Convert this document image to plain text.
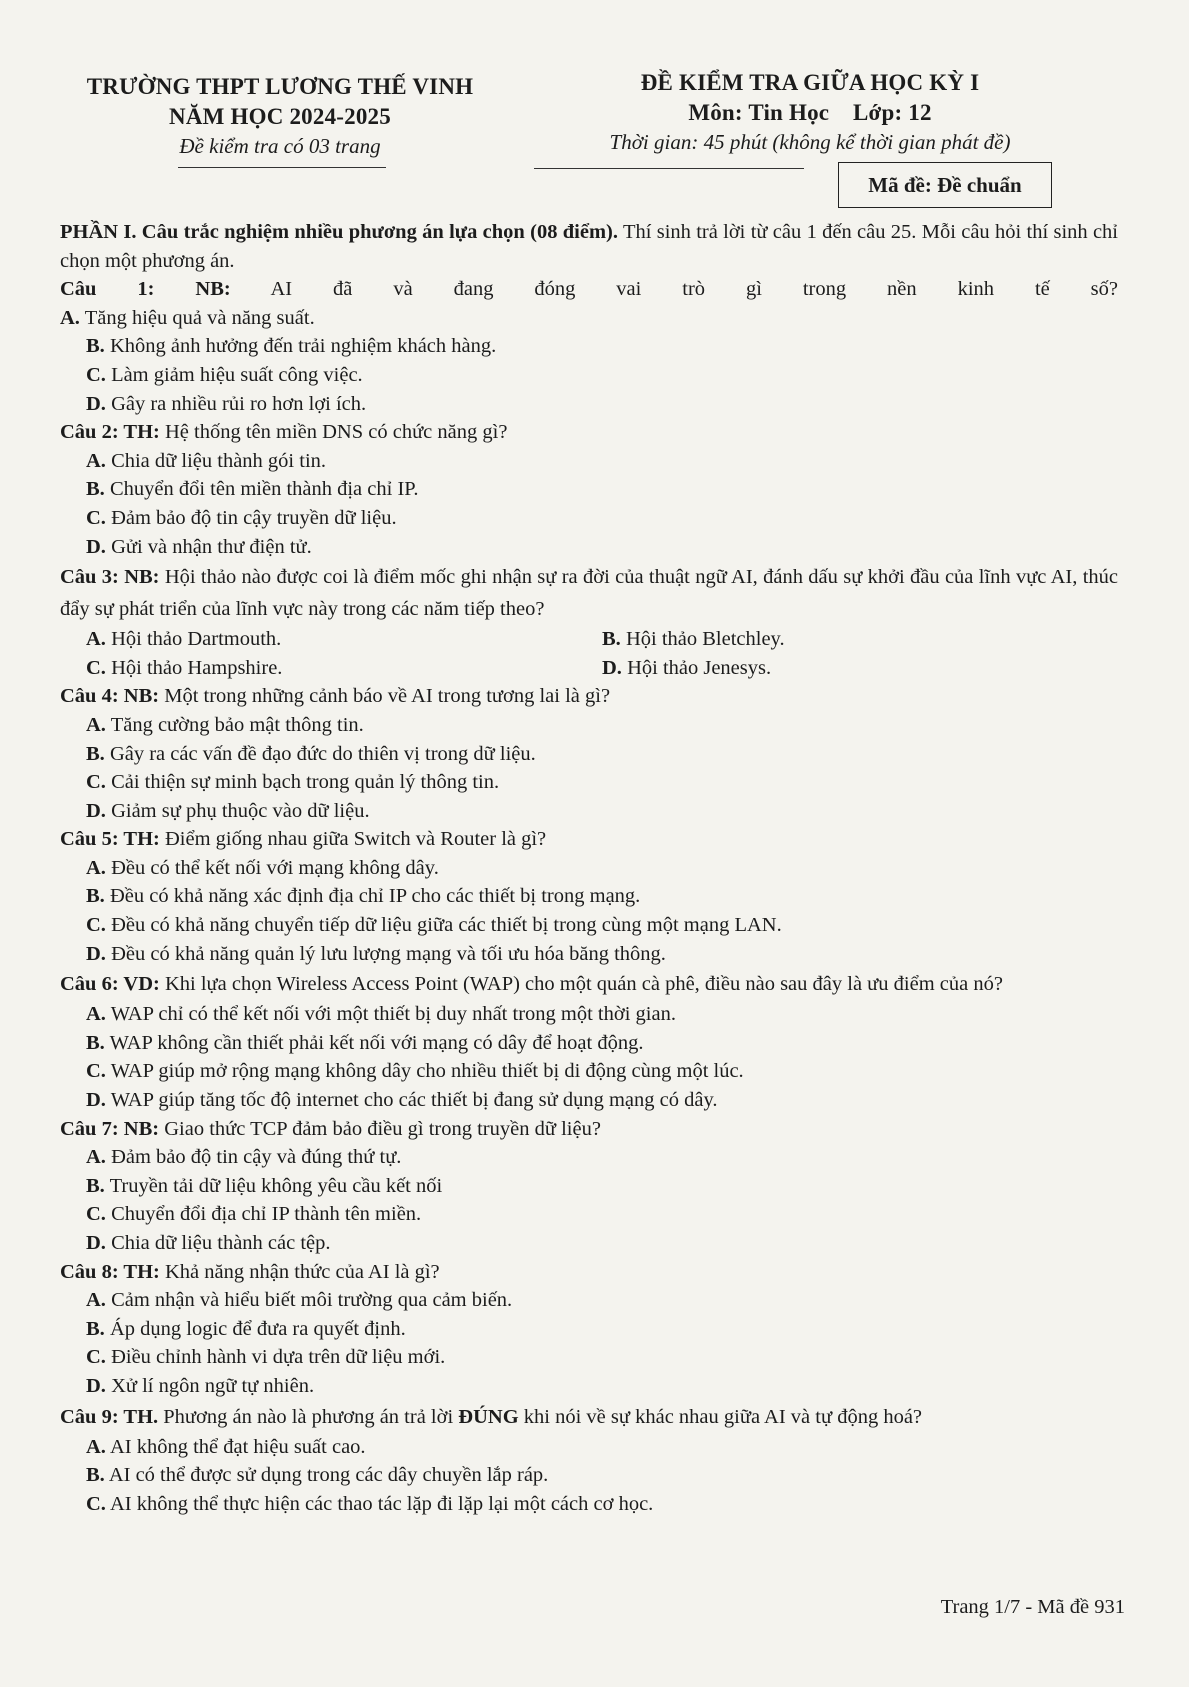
TRƯỜNG THPT LƯƠNG THẾ VINH
NĂM HỌC 2024-2025
Đề kiểm tra có 03 trang
ĐỀ KIỂM TRA GIỮA HỌC KỲ I
Môn: Tin Học    Lớp: 12
Thời gian: 45 phút (không kể thời gian phát đề)
Mã đề: Đề chuẩn
PHẦN I. Câu trắc nghiệm nhiều phương án lựa chọn (08 điểm). Thí sinh trả lời từ câu 1 đến câu 25. Mỗi câu hỏi thí sinh chỉ chọn một phương án.
Câu 1: NB: AI đã và đang đóng vai trò gì trong nền kinh tế số?
A. Tăng hiệu quả và năng suất.
B. Không ảnh hưởng đến trải nghiệm khách hàng.
C. Làm giảm hiệu suất công việc.
D. Gây ra nhiều rủi ro hơn lợi ích.
Câu 2: TH: Hệ thống tên miền DNS có chức năng gì?
A. Chia dữ liệu thành gói tin.
B. Chuyển đổi tên miền thành địa chỉ IP.
C. Đảm bảo độ tin cậy truyền dữ liệu.
D. Gửi và nhận thư điện tử.
Câu 3: NB: Hội thảo nào được coi là điểm mốc ghi nhận sự ra đời của thuật ngữ AI, đánh dấu sự khởi đầu của lĩnh vực AI, thúc đẩy sự phát triển của lĩnh vực này trong các năm tiếp theo?
A. Hội thảo Dartmouth.	B. Hội thảo Bletchley.
C. Hội thảo Hampshire.	D. Hội thảo Jenesys.
Câu 4: NB: Một trong những cảnh báo về AI trong tương lai là gì?
A. Tăng cường bảo mật thông tin.
B. Gây ra các vấn đề đạo đức do thiên vị trong dữ liệu.
C. Cải thiện sự minh bạch trong quản lý thông tin.
D. Giảm sự phụ thuộc vào dữ liệu.
Câu 5: TH: Điểm giống nhau giữa Switch và Router là gì?
A. Đều có thể kết nối với mạng không dây.
B. Đều có khả năng xác định địa chỉ IP cho các thiết bị trong mạng.
C. Đều có khả năng chuyển tiếp dữ liệu giữa các thiết bị trong cùng một mạng LAN.
D. Đều có khả năng quản lý lưu lượng mạng và tối ưu hóa băng thông.
Câu 6: VD: Khi lựa chọn Wireless Access Point (WAP) cho một quán cà phê, điều nào sau đây là ưu điểm của nó?
A. WAP chỉ có thể kết nối với một thiết bị duy nhất trong một thời gian.
B. WAP không cần thiết phải kết nối với mạng có dây để hoạt động.
C. WAP giúp mở rộng mạng không dây cho nhiều thiết bị di động cùng một lúc.
D. WAP giúp tăng tốc độ internet cho các thiết bị đang sử dụng mạng có dây.
Câu 7: NB: Giao thức TCP đảm bảo điều gì trong truyền dữ liệu?
A. Đảm bảo độ tin cậy và đúng thứ tự.
B. Truyền tải dữ liệu không yêu cầu kết nối
C. Chuyển đổi địa chỉ IP thành tên miền.
D. Chia dữ liệu thành các tệp.
Câu 8: TH: Khả năng nhận thức của AI là gì?
A. Cảm nhận và hiểu biết môi trường qua cảm biến.
B. Áp dụng logic để đưa ra quyết định.
C. Điều chỉnh hành vi dựa trên dữ liệu mới.
D. Xử lí ngôn ngữ tự nhiên.
Câu 9: TH. Phương án nào là phương án trả lời ĐÚNG khi nói về sự khác nhau giữa AI và tự động hoá?
A. AI không thể đạt hiệu suất cao.
B. AI có thể được sử dụng trong các dây chuyền lắp ráp.
C. AI không thể thực hiện các thao tác lặp đi lặp lại một cách cơ học.
Trang 1/7 - Mã đề 931
